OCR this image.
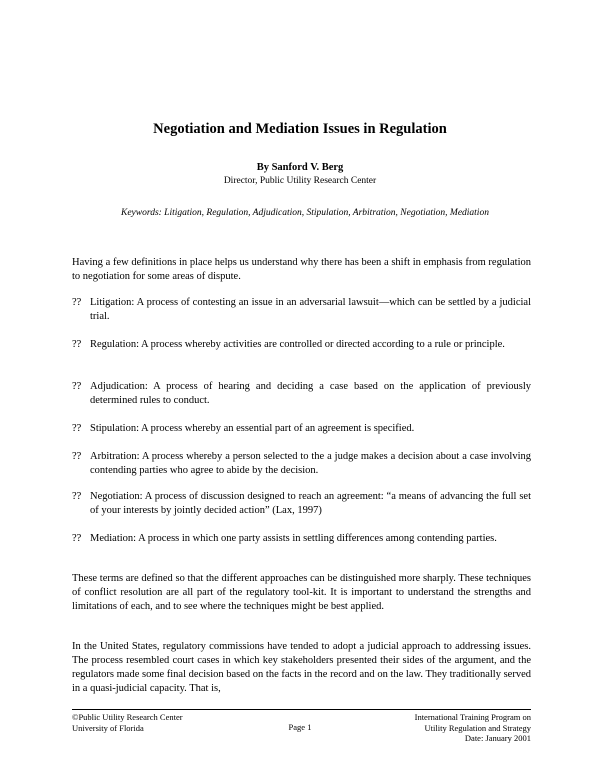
Negotiation and Mediation Issues in Regulation
By Sanford V. Berg
Director, Public Utility Research Center
Keywords: Litigation, Regulation, Adjudication, Stipulation, Arbitration, Negotiation, Mediation
Having a few definitions in place helps us understand why there has been a shift in emphasis from regulation to negotiation for some areas of dispute.
?? Litigation: A process of contesting an issue in an adversarial lawsuit—which can be settled by a judicial trial.
?? Regulation: A process whereby activities are controlled or directed according to a rule or principle.
?? Adjudication: A process of hearing and deciding a case based on the application of previously determined rules to conduct.
?? Stipulation: A process whereby an essential part of an agreement is specified.
?? Arbitration: A process whereby a person selected to the a judge makes a decision about a case involving contending parties who agree to abide by the decision.
?? Negotiation: A process of discussion designed to reach an agreement: “a means of advancing the full set of your interests by jointly decided action” (Lax, 1997)
?? Mediation: A process in which one party assists in settling differences among contending parties.
These terms are defined so that the different approaches can be distinguished more sharply. These techniques of conflict resolution are all part of the regulatory tool-kit. It is important to understand the strengths and limitations of each, and to see where the techniques might be best applied.
In the United States, regulatory commissions have tended to adopt a judicial approach to addressing issues. The process resembled court cases in which key stakeholders presented their sides of the argument, and the regulators made some final decision based on the facts in the record and on the law. They traditionally served in a quasi-judicial capacity. That is,
©Public Utility Research Center
University of Florida	Page 1
International Training Program on
Utility Regulation and Strategy
Date: January 2001
